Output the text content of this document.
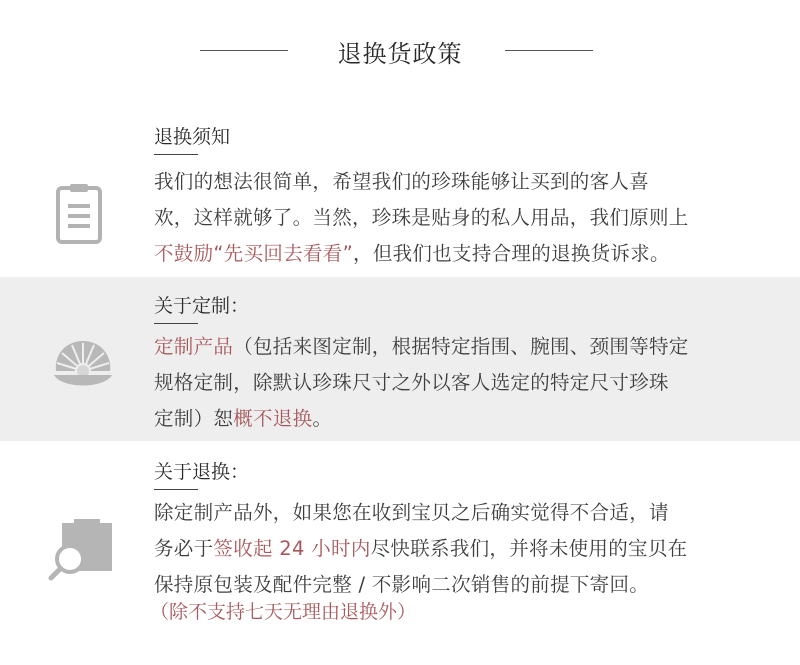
退换货政策
退换须知
我们的想法很简单，希望我们的珍珠能够让买到的客人喜
欢，这样就够了。当然，珍珠是贴身的私人用品，我们原则上
不鼓励“先买回去看看”，但我们也支持合理的退换货诉求。
关于定制：
定制产品（包括来图定制，根据特定指围、腕围、颈围等特定
规格定制，除默认珍珠尺寸之外以客人选定的特定尺寸珍珠
定制）恕概不退换。
关于退换：
除定制产品外，如果您在收到宝贝之后确实觉得不合适，请
务必于签收起 24 小时内尽快联系我们，并将未使用的宝贝在
保持原包装及配件完整 / 不影响二次销售的前提下寄回。
（除不支持七天无理由退换外）
